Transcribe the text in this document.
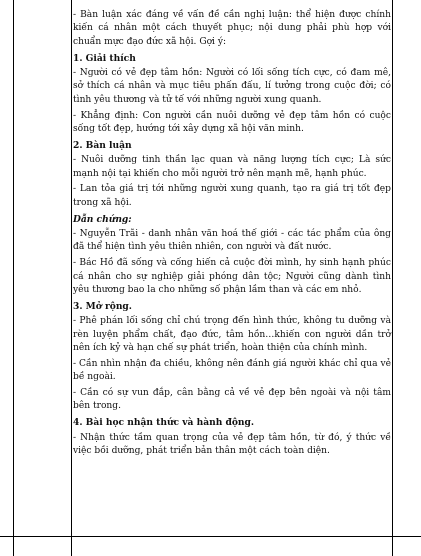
- Bàn luận xác đáng về vấn đề cần nghị luận: thể hiện được chính kiến cá nhân một cách thuyết phục; nội dung phải phù hợp với chuẩn mực đạo đức xã hội. Gợi ý:

1. Giải thích

- Người có vẻ đẹp tâm hồn: Người có lối sống tích cực, có đam mê, sở thích cá nhân và mục tiêu phấn đấu, lí tưởng trong cuộc đời; có tình yêu thương và tử tế với những người xung quanh.

- Khẳng định: Con người cần nuôi dưỡng vẻ đẹp tâm hồn có cuộc sống tốt đẹp, hướng tới xây dựng xã hội văn minh.

2. Bàn luận

- Nuôi dưỡng tinh thần lạc quan và năng lượng tích cực; Là sức mạnh nội tại khiến cho mỗi người trở nên mạnh mẽ, hạnh phúc.

- Lan tỏa giá trị tới những người xung quanh, tạo ra giá trị tốt đẹp trong xã hội.

Dẫn chứng:

- Nguyễn Trãi - danh nhân văn hoá thế giới - các tác phẩm của ông đã thể hiện tình yêu thiên nhiên, con người và đất nước.

- Bác Hồ đã sống và cống hiến cả cuộc đời mình, hy sinh hạnh phúc cá nhân cho sự nghiệp giải phóng dân tộc; Người cũng dành tình yêu thương bao la cho những số phận lầm than và các em nhỏ.

3. Mở rộng.

- Phê phán lối sống chỉ chú trọng đến hình thức, không tu dưỡng và rèn luyện phẩm chất, đạo đức, tâm hồn…khiến con người dần trở nên ích kỷ và hạn chế sự phát triển, hoàn thiện của chính mình.

- Cần nhìn nhận đa chiều, không nên đánh giá người khác chỉ qua vẻ bề ngoài.

- Cần có sự vun đắp, cân bằng cả về vẻ đẹp bên ngoài và nội tâm bên trong.

4. Bài học nhận thức và hành động.

- Nhận thức tầm quan trọng của vẻ đẹp tâm hồn, từ đó, ý thức về việc bồi dưỡng, phát triển bản thân một cách toàn diện.
